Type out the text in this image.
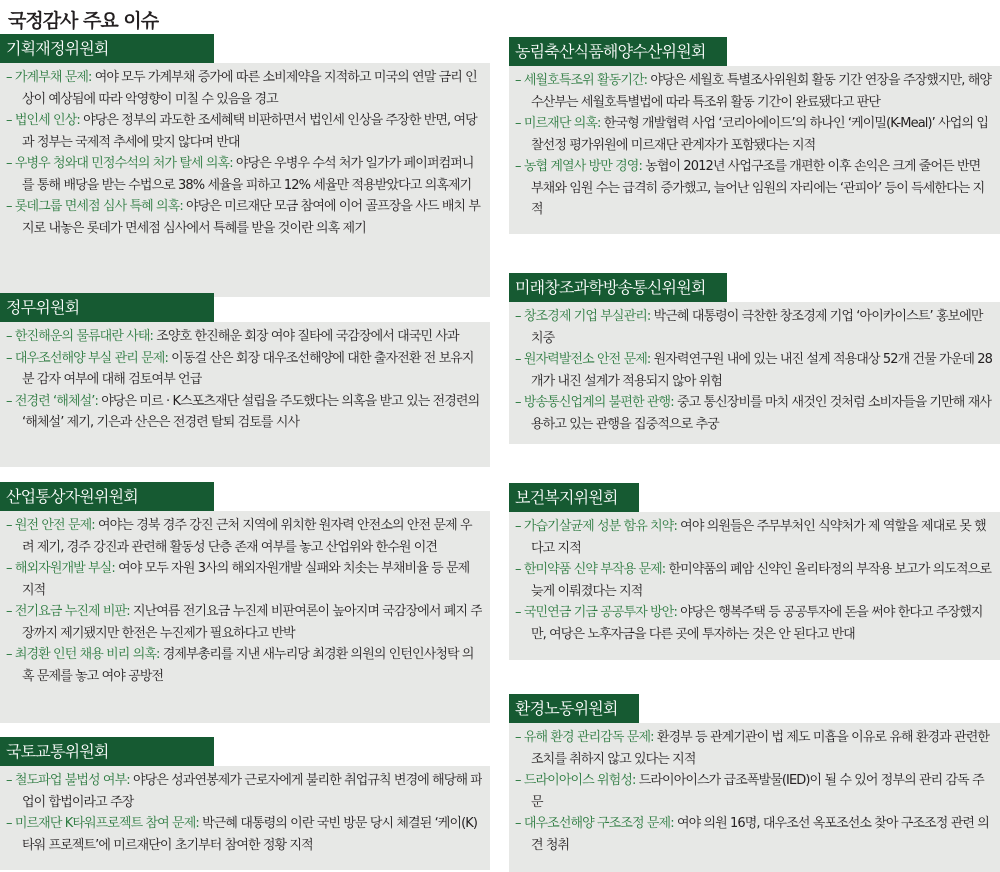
국정감사 주요 이슈
기획재정위원회
– 가계부채 문제: 여야 모두 가계부채 증가에 따른 소비제약을 지적하고 미국의 연말 금리 인상이 예상됨에 따라 악영향이 미칠 수 있음을 경고
– 법인세 인상: 야당은 정부의 과도한 조세혜택 비판하면서 법인세 인상을 주장한 반면, 여당과 정부는 국제적 추세에 맞지 않다며 반대
– 우병우 청와대 민정수석의 처가 탈세 의혹: 야당은 우병우 수석 처가 일가가 페이퍼컴퍼니를 통해 배당을 받는 수법으로 38% 세율을 피하고 12% 세율만 적용받았다고 의혹제기
– 롯데그룹 면세점 심사 특혜 의혹: 야당은 미르재단 모금 참여에 이어 골프장을 사드 배치 부지로 내놓은 롯데가 면세점 심사에서 특혜를 받을 것이란 의혹 제기
정무위원회
– 한진해운의 물류대란 사태: 조양호 한진해운 회장 여야 질타에 국감장에서 대국민 사과
– 대우조선해양 부실 관리 문제: 이동걸 산은 회장 대우조선해양에 대한 출자전환 전 보유지분 감자 여부에 대해 검토여부 언급
– 전경련 ‘해체설’: 야당은 미르 · K스포츠재단 설립을 주도했다는 의혹을 받고 있는 전경련의 ‘해체설’ 제기, 기은과 산은은 전경련 탈퇴 검토를 시사
산업통상자원위원회
– 원전 안전 문제: 여야는 경북 경주 강진 근처 지역에 위치한 원자력 안전소의 안전 문제 우려 제기, 경주 강진과 관련해 활동성 단층 존재 여부를 놓고 산업위와 한수원 이견
– 해외자원개발 부실: 여야 모두 자원 3사의 해외자원개발 실패와 치솟는 부채비율 등 문제 지적
– 전기요금 누진제 비판: 지난여름 전기요금 누진제 비판여론이 높아지며 국감장에서 폐지 주장까지 제기됐지만 한전은 누진제가 필요하다고 반박
– 최경환 인턴 채용 비리 의혹: 경제부총리를 지낸 새누리당 최경환 의원의 인턴인사청탁 의혹 문제를 놓고 여야 공방전
국토교통위원회
– 철도파업 불법성 여부: 야당은 성과연봉제가 근로자에게 불리한 취업규칙 변경에 해당해 파업이 합법이라고 주장
– 미르재단 K타워프로젝트 참여 문제: 박근혜 대통령의 이란 국빈 방문 당시 체결된 ‘케이(K)타워 프로젝트’에 미르재단이 초기부터 참여한 정황 지적
농림축산식품해양수산위원회
– 세월호특조위 활동기간: 야당은 세월호 특별조사위원회 활동 기간 연장을 주장했지만, 해양수산부는 세월호특별법에 따라 특조위 활동 기간이 완료됐다고 판단
– 미르재단 의혹: 한국형 개발협력 사업 ‘코리아에이드’의 하나인 ‘케이밀(K-Meal)’ 사업의 입찰선정 평가위원에 미르재단 관계자가 포함됐다는 지적
– 농협 계열사 방만 경영: 농협이 2012년 사업구조를 개편한 이후 손익은 크게 줄어든 반면 부채와 임원 수는 급격히 증가했고, 늘어난 임원의 자리에는 ‘관피아’ 등이 득세한다는 지적
미래창조과학방송통신위원회
– 창조경제 기업 부실관리: 박근혜 대통령이 극찬한 창조경제 기업 ‘아이카이스트’ 홍보에만 치중
– 원자력발전소 안전 문제: 원자력연구원 내에 있는 내진 설계 적용대상 52개 건물 가운데 28개가 내진 설계가 적용되지 않아 위험
– 방송통신업계의 불편한 관행: 중고 통신장비를 마치 새것인 것처럼 소비자들을 기만해 재사용하고 있는 관행을 집중적으로 추궁
보건복지위원회
– 가습기살균제 성분 함유 치약: 여야 의원들은 주무부처인 식약처가 제 역할을 제대로 못 했다고 지적
– 한미약품 신약 부작용 문제: 한미약품의 폐암 신약인 올리타정의 부작용 보고가 의도적으로 늦게 이뤄졌다는 지적
– 국민연금 기금 공공투자 방안: 야당은 행복주택 등 공공투자에 돈을 써야 한다고 주장했지만, 여당은 노후자금을 다른 곳에 투자하는 것은 안 된다고 반대
환경노동위원회
– 유해 환경 관리감독 문제: 환경부 등 관계기관이 법 제도 미흡을 이유로 유해 환경과 관련한 조치를 취하지 않고 있다는 지적
– 드라이아이스 위험성: 드라이아이스가 급조폭발물(IED)이 될 수 있어 정부의 관리 감독 주문
– 대우조선해양 구조조정 문제: 여야 의원 16명, 대우조선 옥포조선소 찾아 구조조정 관련 의견 청취
